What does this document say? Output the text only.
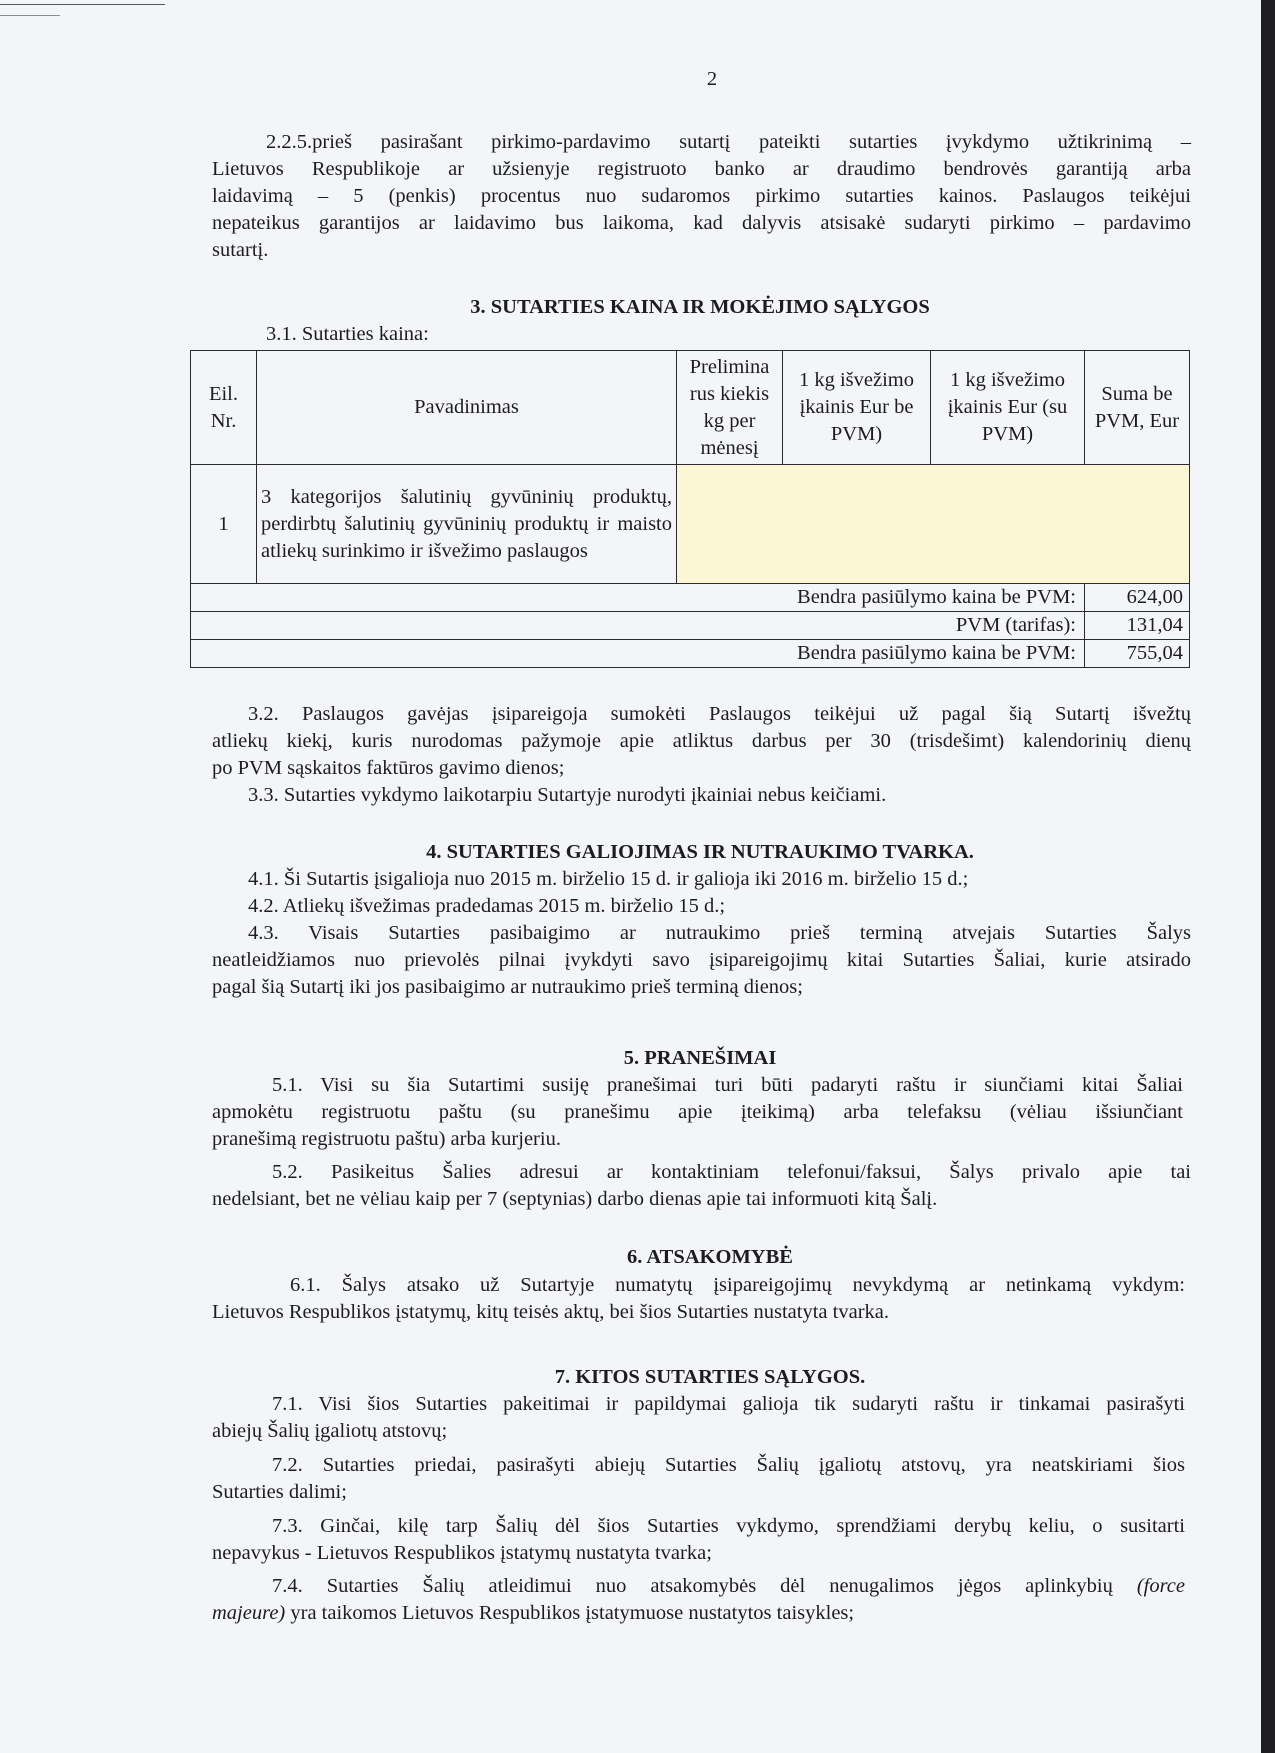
2
2.2.5.prieš pasirašant pirkimo-pardavimo sutartį pateikti sutarties įvykdymo užtikrinimą –
Lietuvos Respublikoje ar užsienyje registruoto banko ar draudimo bendrovės garantiją arba
laidavimą – 5 (penkis) procentus nuo sudaromos pirkimo sutarties kainos. Paslaugos teikėjui
nepateikus garantijos ar laidavimo bus laikoma, kad dalyvis atsisakė sudaryti pirkimo – pardavimo
sutartį.
3. SUTARTIES KAINA IR MOKĖJIMO SĄLYGOS
3.1. Sutarties kaina:
Eil. Nr.	Pavadinimas	Prelimina rus kiekis kg per mėnesį	1 kg išvežimo įkainis Eur be PVM)	1 kg išvežimo įkainis Eur (su PVM)	Suma be PVM, Eur
1	3 kategorijos šalutinių gyvūninių produktų, perdirbtų šalutinių gyvūninių produktų ir maisto atliekų surinkimo ir išvežimo paslaugos				
Bendra pasiūlymo kaina be PVM:					624,00
PVM (tarifas):					131,04
Bendra pasiūlymo kaina be PVM:					755,04
3.2. Paslaugos gavėjas įsipareigoja sumokėti Paslaugos teikėjui už pagal šią Sutartį išvežtų
atliekų kiekį, kuris nurodomas pažymoje apie atliktus darbus per 30 (trisdešimt) kalendorinių dienų
po PVM sąskaitos faktūros gavimo dienos;
3.3. Sutarties vykdymo laikotarpiu Sutartyje nurodyti įkainiai nebus keičiami.
4. SUTARTIES GALIOJIMAS IR NUTRAUKIMO TVARKA.
4.1. Ši Sutartis įsigalioja nuo 2015 m. birželio 15 d. ir galioja iki 2016 m. birželio 15 d.;
4.2. Atliekų išvežimas pradedamas 2015 m. birželio 15 d.;
4.3. Visais Sutarties pasibaigimo ar nutraukimo prieš terminą atvejais Sutarties Šalys
neatleidžiamos nuo prievolės pilnai įvykdyti savo įsipareigojimų kitai Sutarties Šaliai, kurie atsirado
pagal šią Sutartį iki jos pasibaigimo ar nutraukimo prieš terminą dienos;
5. PRANEŠIMAI
5.1. Visi su šia Sutartimi susiję pranešimai turi būti padaryti raštu ir siunčiami kitai Šaliai
apmokėtu registruotu paštu (su pranešimu apie įteikimą) arba telefaksu (vėliau išsiunčiant
pranešimą registruotu paštu) arba kurjeriu.
5.2. Pasikeitus Šalies adresui ar kontaktiniam telefonui/faksui, Šalys privalo apie tai
nedelsiant, bet ne vėliau kaip per 7 (septynias) darbo dienas apie tai informuoti kitą Šalį.
6. ATSAKOMYBĖ
6.1. Šalys atsako už Sutartyje numatytų įsipareigojimų nevykdymą ar netinkamą vykdym:
Lietuvos Respublikos įstatymų, kitų teisės aktų, bei šios Sutarties nustatyta tvarka.
7. KITOS SUTARTIES SĄLYGOS.
7.1. Visi šios Sutarties pakeitimai ir papildymai galioja tik sudaryti raštu ir tinkamai pasirašyti
abiejų Šalių įgaliotų atstovų;
7.2. Sutarties priedai, pasirašyti abiejų Sutarties Šalių įgaliotų atstovų, yra neatskiriami šios
Sutarties dalimi;
7.3. Ginčai, kilę tarp Šalių dėl šios Sutarties vykdymo, sprendžiami derybų keliu, o susitarti
nepavykus - Lietuvos Respublikos įstatymų nustatyta tvarka;
7.4. Sutarties Šalių atleidimui nuo atsakomybės dėl nenugalimos jėgos aplinkybių (force
majeure) yra taikomos Lietuvos Respublikos įstatymuose nustatytos taisykles;
